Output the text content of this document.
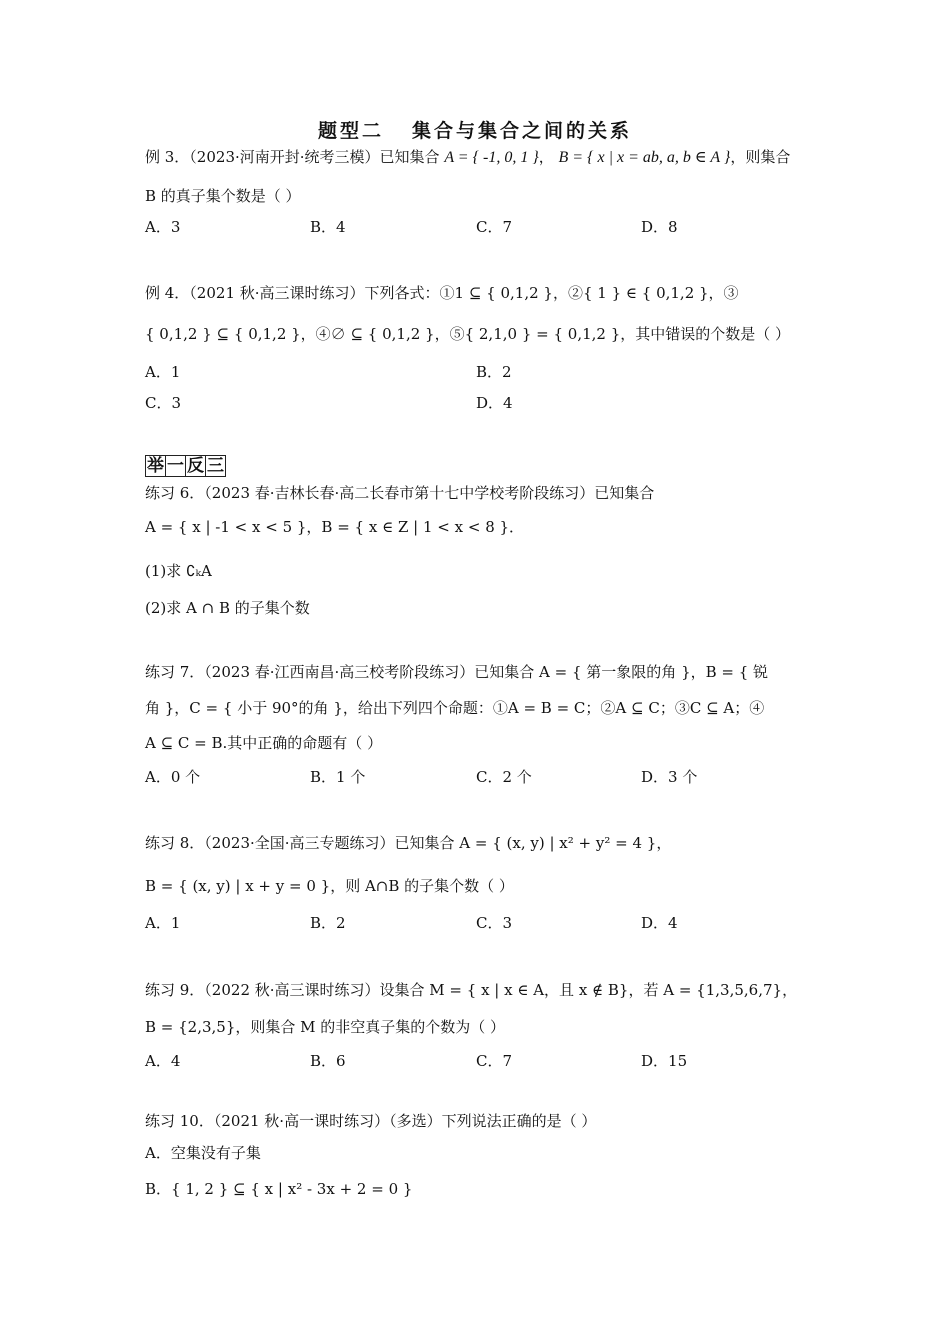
题型二 集合与集合之间的关系
例 3．（2023·河南开封·统考三模）已知集合 A = { -1, 0, 1 }， B = { x | x = ab, a, b ∈ A }，则集合
B 的真子集个数是（ ）
A．3	B．4	C．7	D．8
例 4．（2021 秋·高三课时练习）下列各式：①1 ⊆ { 0,1,2 }，②{ 1 } ∈ { 0,1,2 }，③
{ 0,1,2 } ⊆ { 0,1,2 }，④∅ ⊆ { 0,1,2 }，⑤{ 2,1,0 } = { 0,1,2 }，其中错误的个数是（ ）
A．1	B．2
C．3	D．4
举 一 反 三
练习 6．（2023 春·吉林长春·高二长春市第十七中学校考阶段练习）已知集合
A = { x | -1 < x < 5 }，B = { x ∈ Z | 1 < x < 8 }．
(1)求 ∁ₖA
(2)求 A ∩ B 的子集个数
练习 7．（2023 春·江西南昌·高三校考阶段练习）已知集合 A = { 第一象限的角 }，B = { 锐
角 }，C = { 小于 90°的角 }，给出下列四个命题：①A = B = C；②A ⊆ C；③C ⊆ A；④
A ⊆ C = B.其中正确的命题有（ ）
A．0 个	B．1 个	C．2 个	D．3 个
练习 8．（2023·全国·高三专题练习）已知集合 A = { (x, y) | x² + y² = 4 }，
B = { (x, y) | x + y = 0 }，则 A∩B 的子集个数（ ）
A．1	B．2	C．3	D．4
练习 9．（2022 秋·高三课时练习）设集合 M = { x | x ∈ A，且 x ∉ B}，若 A = {1,3,5,6,7}，
B = {2,3,5}，则集合 M 的非空真子集的个数为（ ）
A．4	B．6	C．7	D．15
练习 10．（2021 秋·高一课时练习）（多选）下列说法正确的是（ ）
A．空集没有子集
B．{ 1, 2 } ⊆ { x | x² - 3x + 2 = 0 }
